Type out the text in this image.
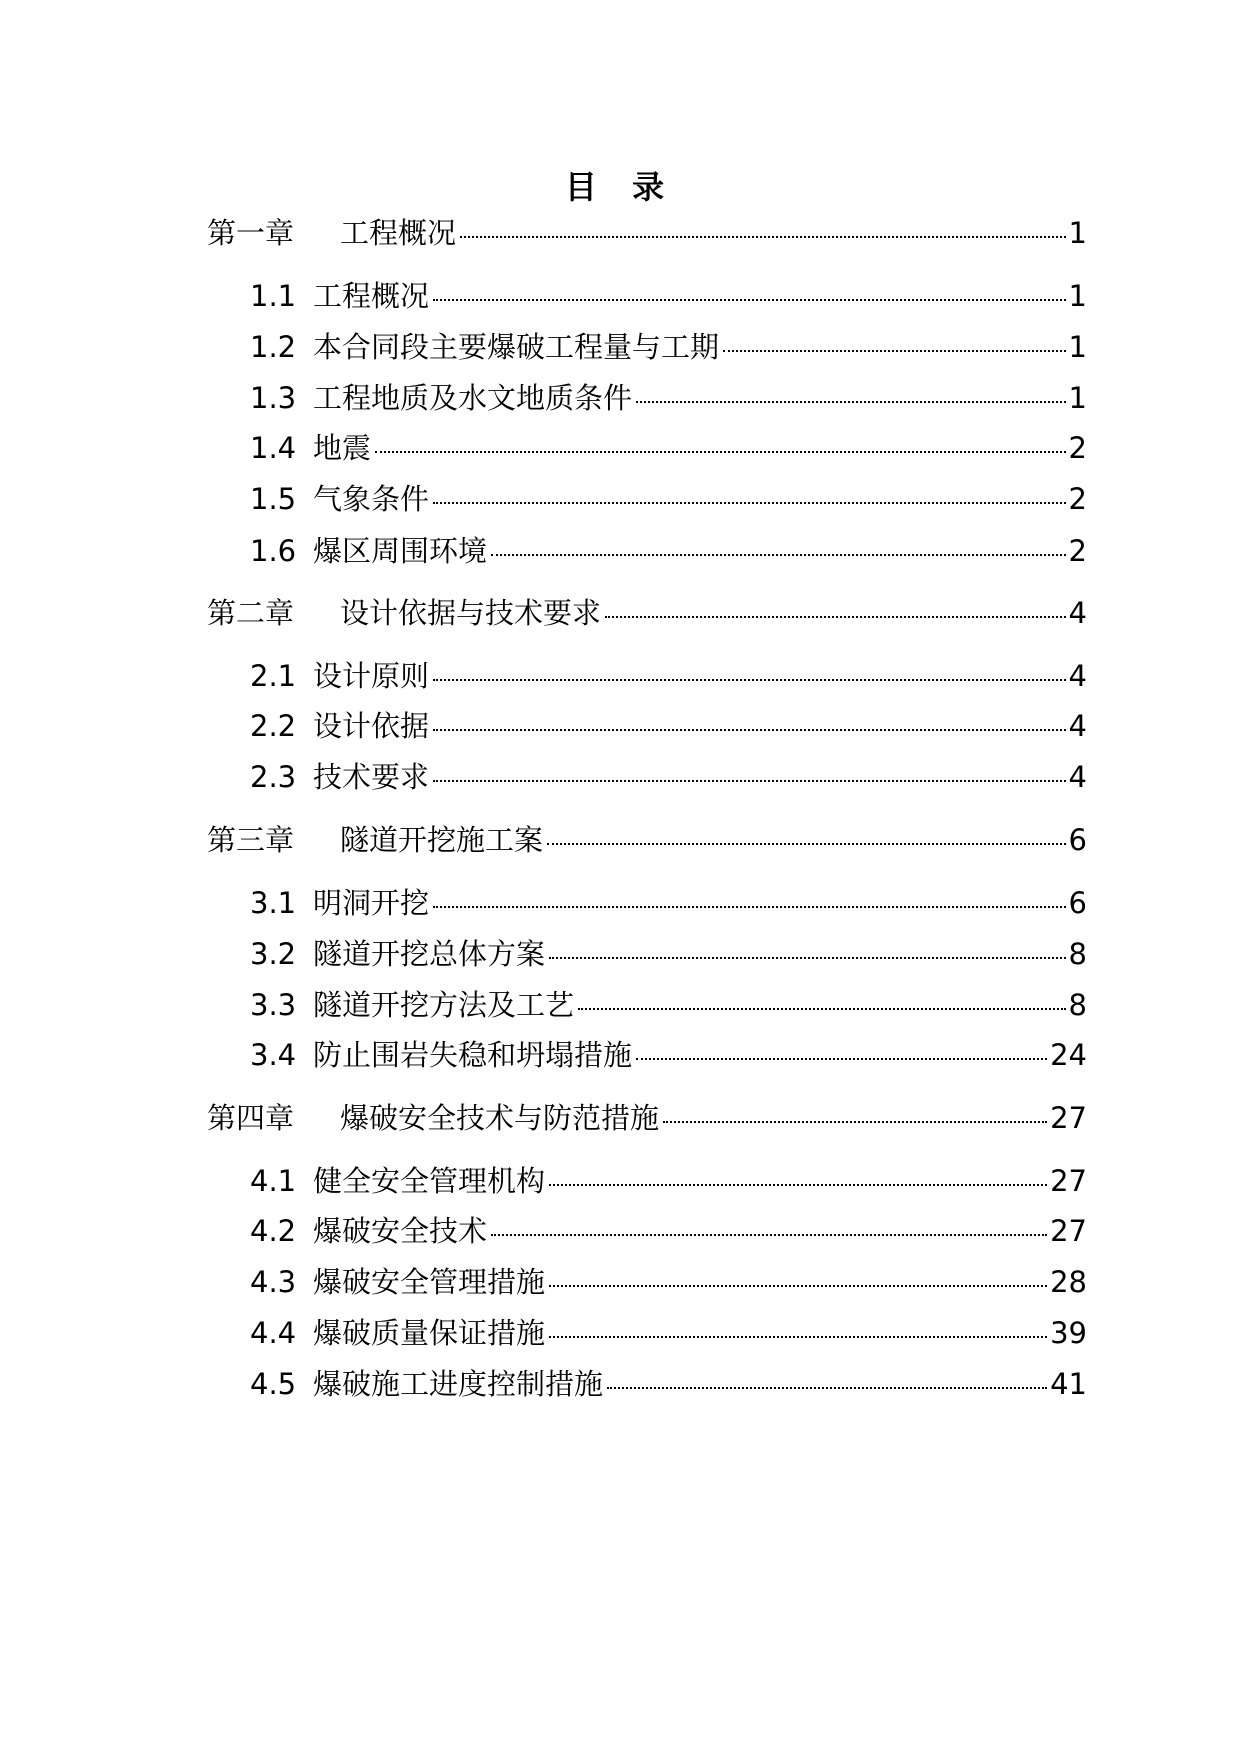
目 录
第一章	工程概况	1
1.1 工程概况	1
1.2 本合同段主要爆破工程量与工期	1
1.3 工程地质及水文地质条件	1
1.4 地震	2
1.5 气象条件	2
1.6 爆区周围环境	2
第二章	设计依据与技术要求	4
2.1 设计原则	4
2.2 设计依据	4
2.3 技术要求	4
第三章	隧道开挖施工案	6
3.1 明洞开挖	6
3.2 隧道开挖总体方案	8
3.3 隧道开挖方法及工艺	8
3.4 防止围岩失稳和坍塌措施	24
第四章	爆破安全技术与防范措施	27
4.1 健全安全管理机构	27
4.2 爆破安全技术	27
4.3 爆破安全管理措施	28
4.4 爆破质量保证措施	39
4.5 爆破施工进度控制措施	41
